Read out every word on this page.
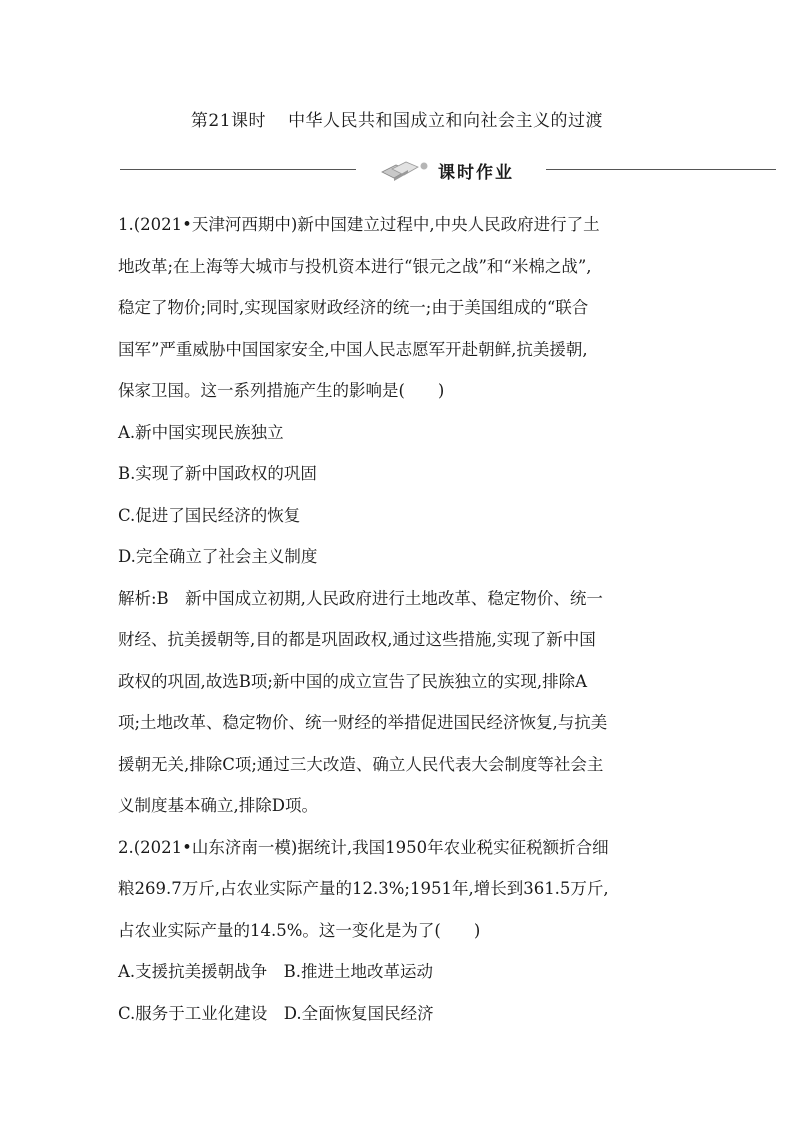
第21课时 中华人民共和国成立和向社会主义的过渡
课时作业
1.(2021•天津河西期中)新中国建立过程中,中央人民政府进行了土
地改革;在上海等大城市与投机资本进行“银元之战”和“米棉之战”,
稳定了物价;同时,实现国家财政经济的统一;由于美国组成的“联合
国军”严重威胁中国国家安全,中国人民志愿军开赴朝鲜,抗美援朝,
保家卫国。这一系列措施产生的影响是(　　)
A.新中国实现民族独立
B.实现了新中国政权的巩固
C.促进了国民经济的恢复
D.完全确立了社会主义制度
解析:B　新中国成立初期,人民政府进行土地改革、稳定物价、统一
财经、抗美援朝等,目的都是巩固政权,通过这些措施,实现了新中国
政权的巩固,故选B项;新中国的成立宣告了民族独立的实现,排除A
项;土地改革、稳定物价、统一财经的举措促进国民经济恢复,与抗美
援朝无关,排除C项;通过三大改造、确立人民代表大会制度等社会主
义制度基本确立,排除D项。
2.(2021•山东济南一模)据统计,我国1950年农业税实征税额折合细
粮269.7万斤,占农业实际产量的12.3%;1951年,增长到361.5万斤,
占农业实际产量的14.5%。这一变化是为了(　　)
A.支援抗美援朝战争　B.推进土地改革运动
C.服务于工业化建设　D.全面恢复国民经济
